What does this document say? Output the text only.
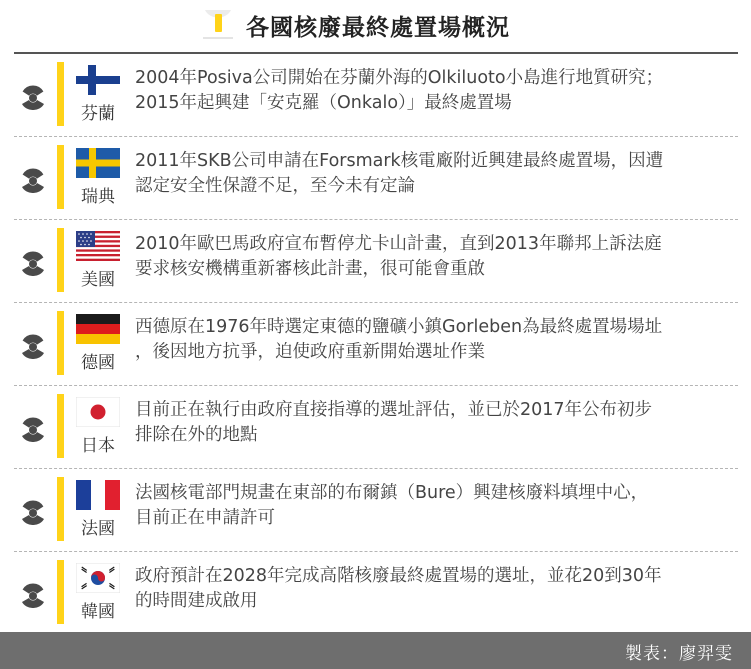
各國核廢最終處置場概況
芬蘭
2004年Posiva公司開始在芬蘭外海的Olkiluoto小島進行地質研究；
2015年起興建「安克羅（Onkalo）」最終處置場
瑞典
2011年SKB公司申請在Forsmark核電廠附近興建最終處置場，因遭
認定安全性保證不足，至今未有定論
美國
2010年歐巴馬政府宣布暫停尤卡山計畫，直到2013年聯邦上訴法庭
要求核安機構重新審核此計畫，很可能會重啟
德國
西德原在1976年時選定東德的鹽礦小鎮Gorleben為最終處置場場址
，後因地方抗爭，迫使政府重新開始選址作業
日本
目前正在執行由政府直接指導的選址評估，並已於2017年公布初步
排除在外的地點
法國
法國核電部門規畫在東部的布爾鎮（Bure）興建核廢料填埋中心，
目前正在申請許可
韓國
政府預計在2028年完成高階核廢最終處置場的選址，並花20到30年
的時間建成啟用
製表：廖羿雯
